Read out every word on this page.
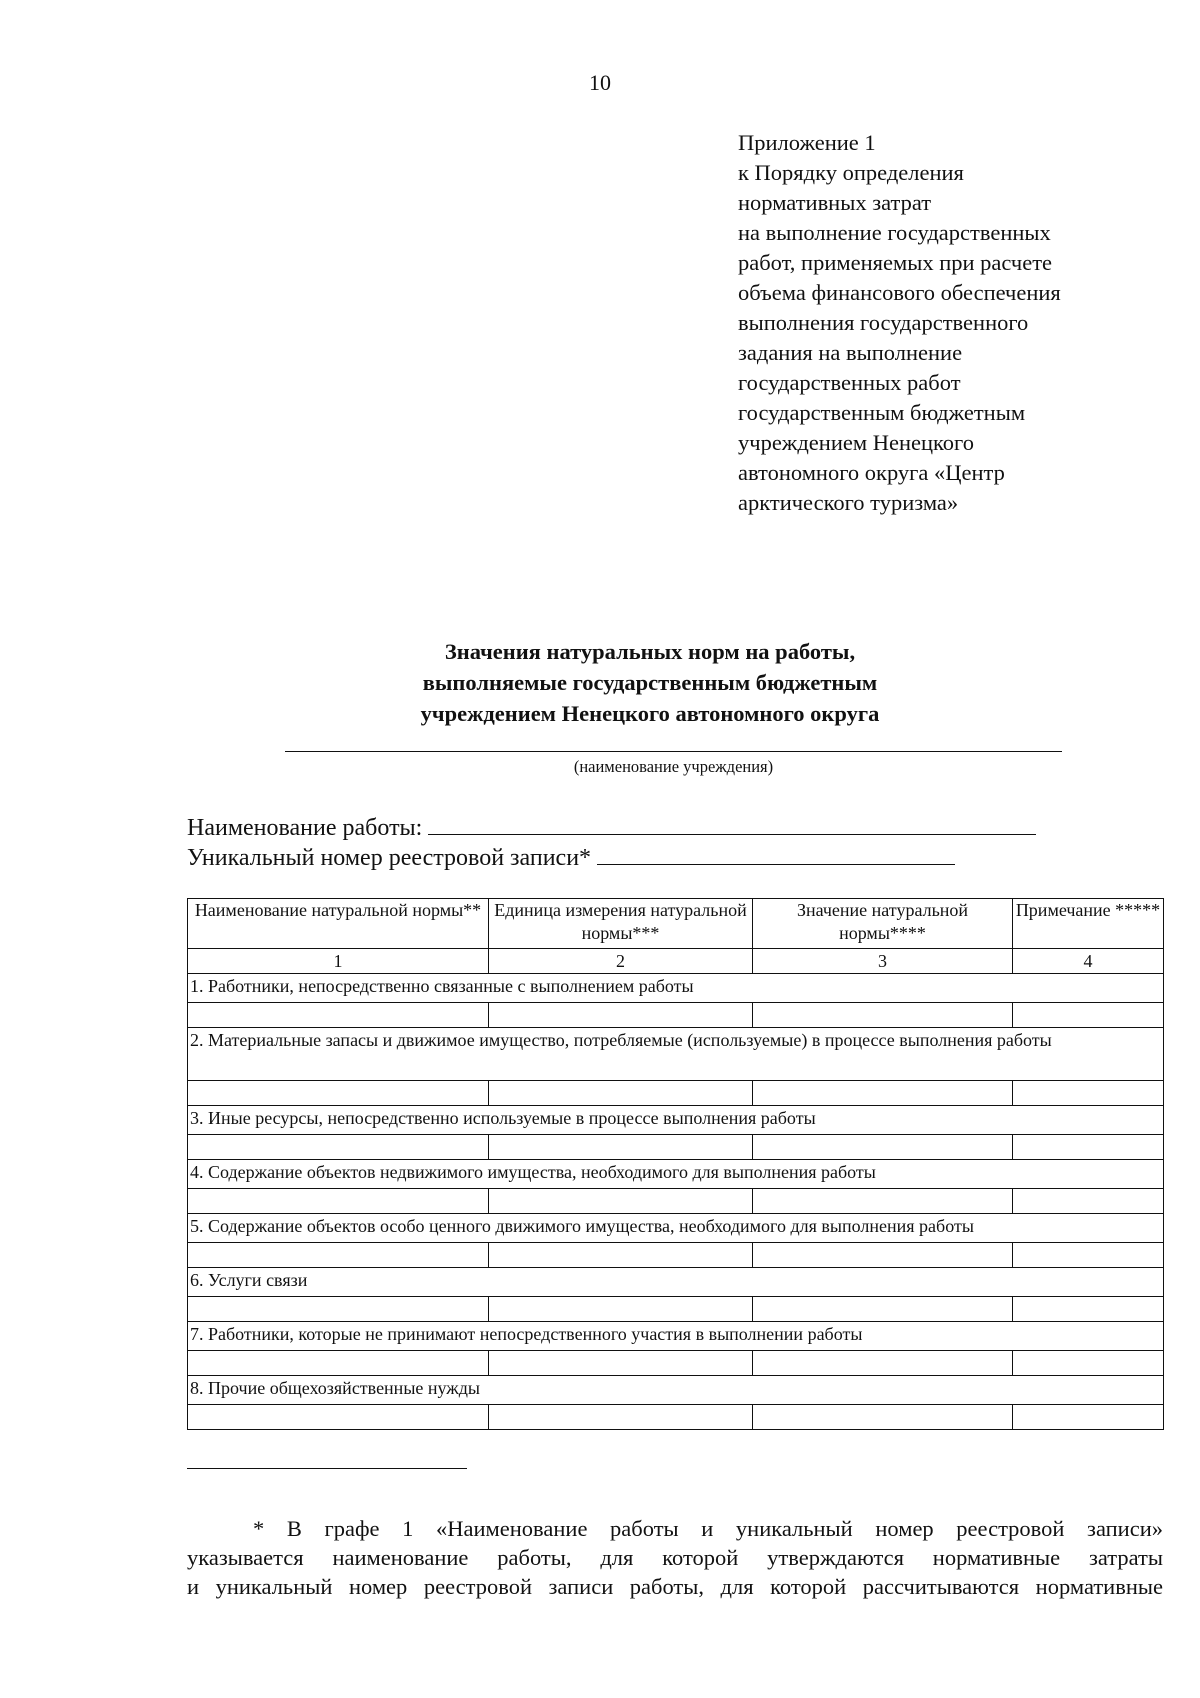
10
Приложение 1
к Порядку определения
нормативных затрат
на выполнение государственных
работ, применяемых при расчете
объема финансового обеспечения
выполнения государственного
задания на выполнение
государственных работ
государственным бюджетным
учреждением Ненецкого
автономного округа «Центр
арктического туризма»
Значения натуральных норм на работы,
выполняемые государственным бюджетным
учреждением Ненецкого автономного округа
(наименование учреждения)
Наименование работы:
Уникальный номер реестровой записи*
Наименование натуральной нормы**	Единица измерения натуральной нормы***	Значение натуральной нормы****	Примечание *****
1	2	3	4
1. Работники, непосредственно связанные с выполнением работы			

2. Материальные запасы и движимое имущество, потребляемые (используемые) в процессе выполнения работы			

3. Иные ресурсы, непосредственно используемые в процессе выполнения работы			

4. Содержание объектов недвижимого имущества, необходимого для выполнения работы			

5. Содержание объектов особо ценного движимого имущества, необходимого для выполнения работы			

6. Услуги связи			

7. Работники, которые не принимают непосредственного участия в выполнении работы			

8. Прочие общехозяйственные нужды			

* В графе 1 «Наименование работы и уникальный номер реестровой записи»
указывается наименование работы, для которой утверждаются нормативные затраты
и уникальный номер реестровой записи работы, для которой рассчитываются нормативные
